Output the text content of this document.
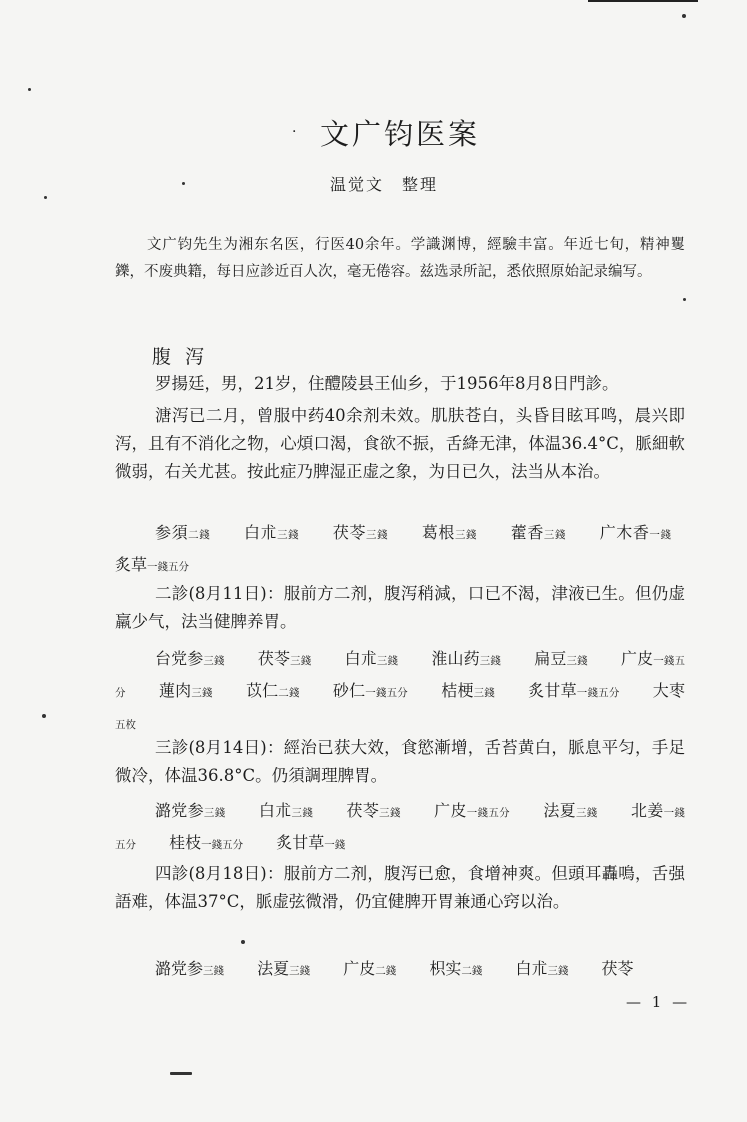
· 文广钧医案
温觉文　整理
文广钧先生为湘东名医，行医40余年。学識渊博，經驗丰富。年近七旬，精神矍鑠，不废典籍，每日应診近百人次，毫无倦容。兹选录所記，悉依照原始記录编写。
腹泻
罗揚廷，男，21岁，住醴陵县王仙乡，于1956年8月8日門診。
溏泻已二月，曾服中药40余剂未效。肌肤苍白，头昏目眩耳鸣，晨兴即泻，且有不消化之物，心煩口渴，食欲不振，舌絳无津，体温36.4°C，脈細軟微弱，右关尤甚。按此症乃脾湿正虚之象，为日已久，法当从本治。
参須二錢 白朮三錢 茯苓三錢 葛根三錢 藿香三錢 广木香一錢 炙草一錢五分
二診(8月11日)：服前方二剂，腹泻稍減，口已不渴，津液已生。但仍虚羸少气，法当健脾养胃。
台党参三錢 茯苓三錢 白朮三錢 淮山药三錢 扁豆三錢 广皮一錢五分 蓮肉三錢 苡仁二錢 砂仁一錢五分 桔梗三錢 炙甘草一錢五分 大枣五枚
三診(8月14日)：經治已获大效，食慾漸增，舌苔黄白，脈息平匀，手足微冷，体温36.8°C。仍須調理脾胃。
潞党参三錢 白朮三錢 茯苓三錢 广皮一錢五分 法夏三錢 北姜一錢五分 桂枝一錢五分 炙甘草一錢
四診(8月18日)：服前方二剂，腹泻已愈，食增神爽。但頭耳轟鳴，舌强語难，体温37°C，脈虚弦微滑，仍宜健脾开胃兼通心窍以治。
潞党参三錢 法夏三錢 广皮二錢 枳实二錢 白朮三錢 茯苓
— 1 —
